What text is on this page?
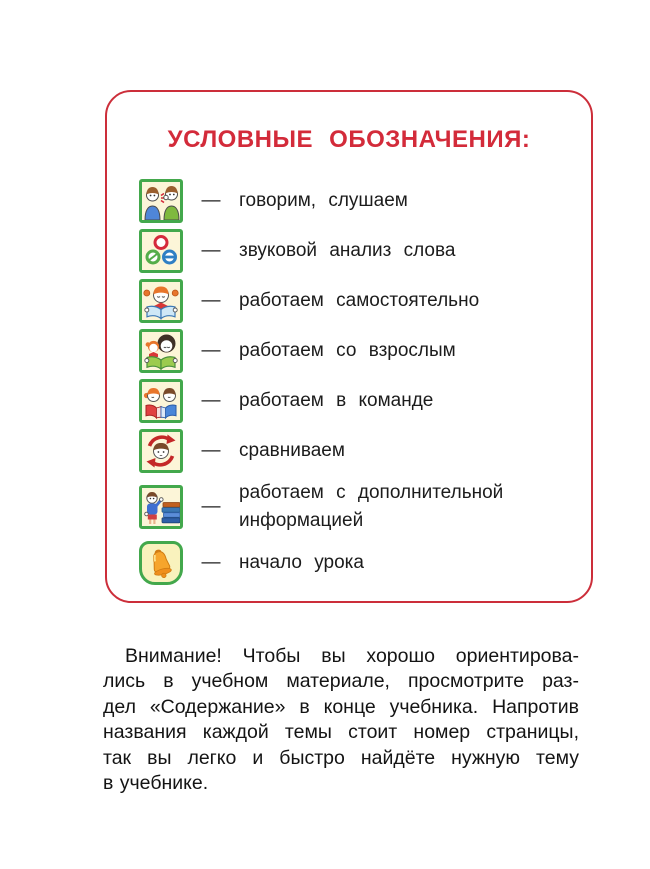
УСЛОВНЫЕ ОБОЗНАЧЕНИЯ:
— говорим, слушаем
— звуковой анализ слова
— работаем самостоятельно
— работаем со взрослым
— работаем в команде
— сравниваем
—
работаем с дополнительной информацией
— начало урока
Внимание! Чтобы вы хорошо ориентирова-
лись в учебном материале, просмотрите раз-
дел «Содержание» в конце учебника. Напротив
названия каждой темы стоит номер страницы,
так вы легко и быстро найдёте нужную тему
в учебнике.
